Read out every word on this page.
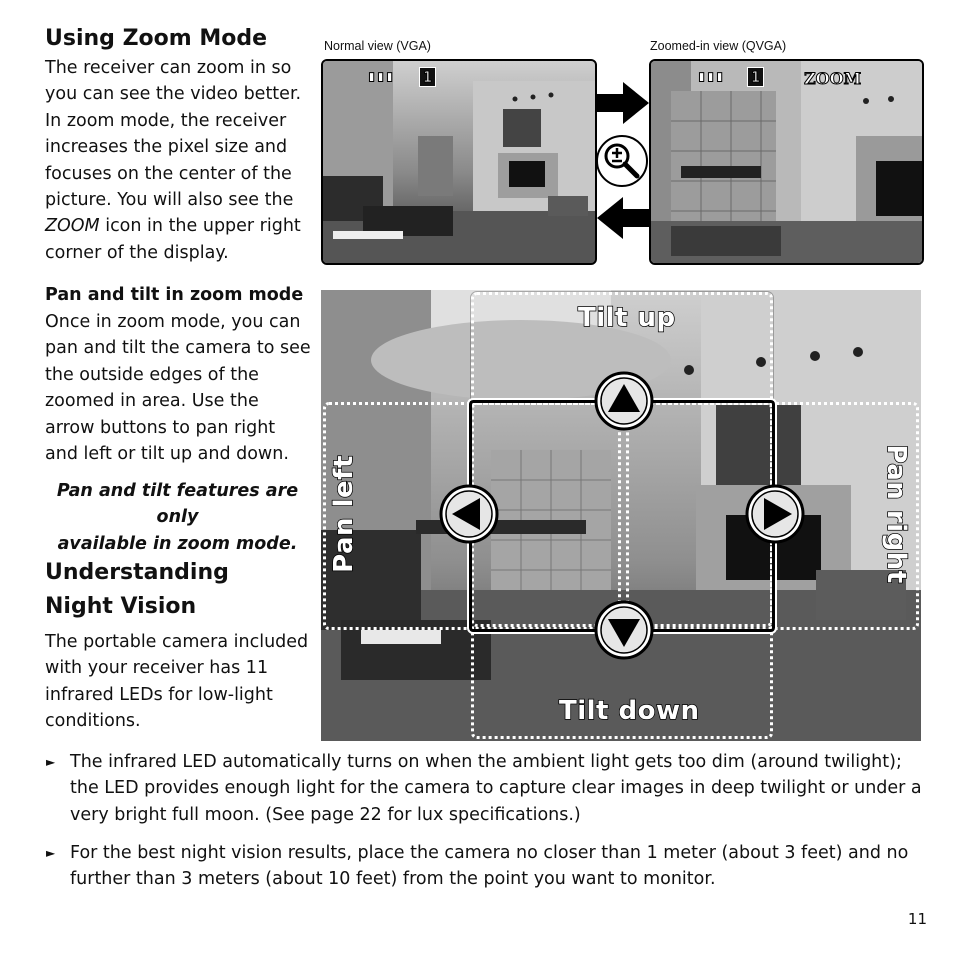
Using Zoom Mode
The receiver can zoom in so
you can see the video better.
In zoom mode, the receiver
increases the pixel size and
focuses on the center of the
picture. You will also see the
ZOOM icon in the upper right
corner of the display.
Pan and tilt in zoom mode
Once in zoom mode, you can
pan and tilt the camera to see
the outside edges of the
zoomed in area. Use the
arrow buttons to pan right
and left or tilt up and down.
Pan and tilt features are only
available in zoom mode.
Understanding
Night Vision
The portable camera included
with your receiver has 11
infrared LEDs for low-light
conditions.
Normal view (VGA)	Zoomed-in view (QVGA)
▮▮▮ 1	▮▮▮ 1	ZOOM
Tilt up
Tilt down
Pan left	Pan right
► The infrared LED automatically turns on when the ambient light gets too dim (around twilight);
the LED provides enough light for the camera to capture clear images in deep twilight or under a
very bright full moon. (See page 22 for lux specifications.)
► For the best night vision results, place the camera no closer than 1 meter (about 3 feet) and no
further than 3 meters (about 10 feet) from the point you want to monitor.
11
